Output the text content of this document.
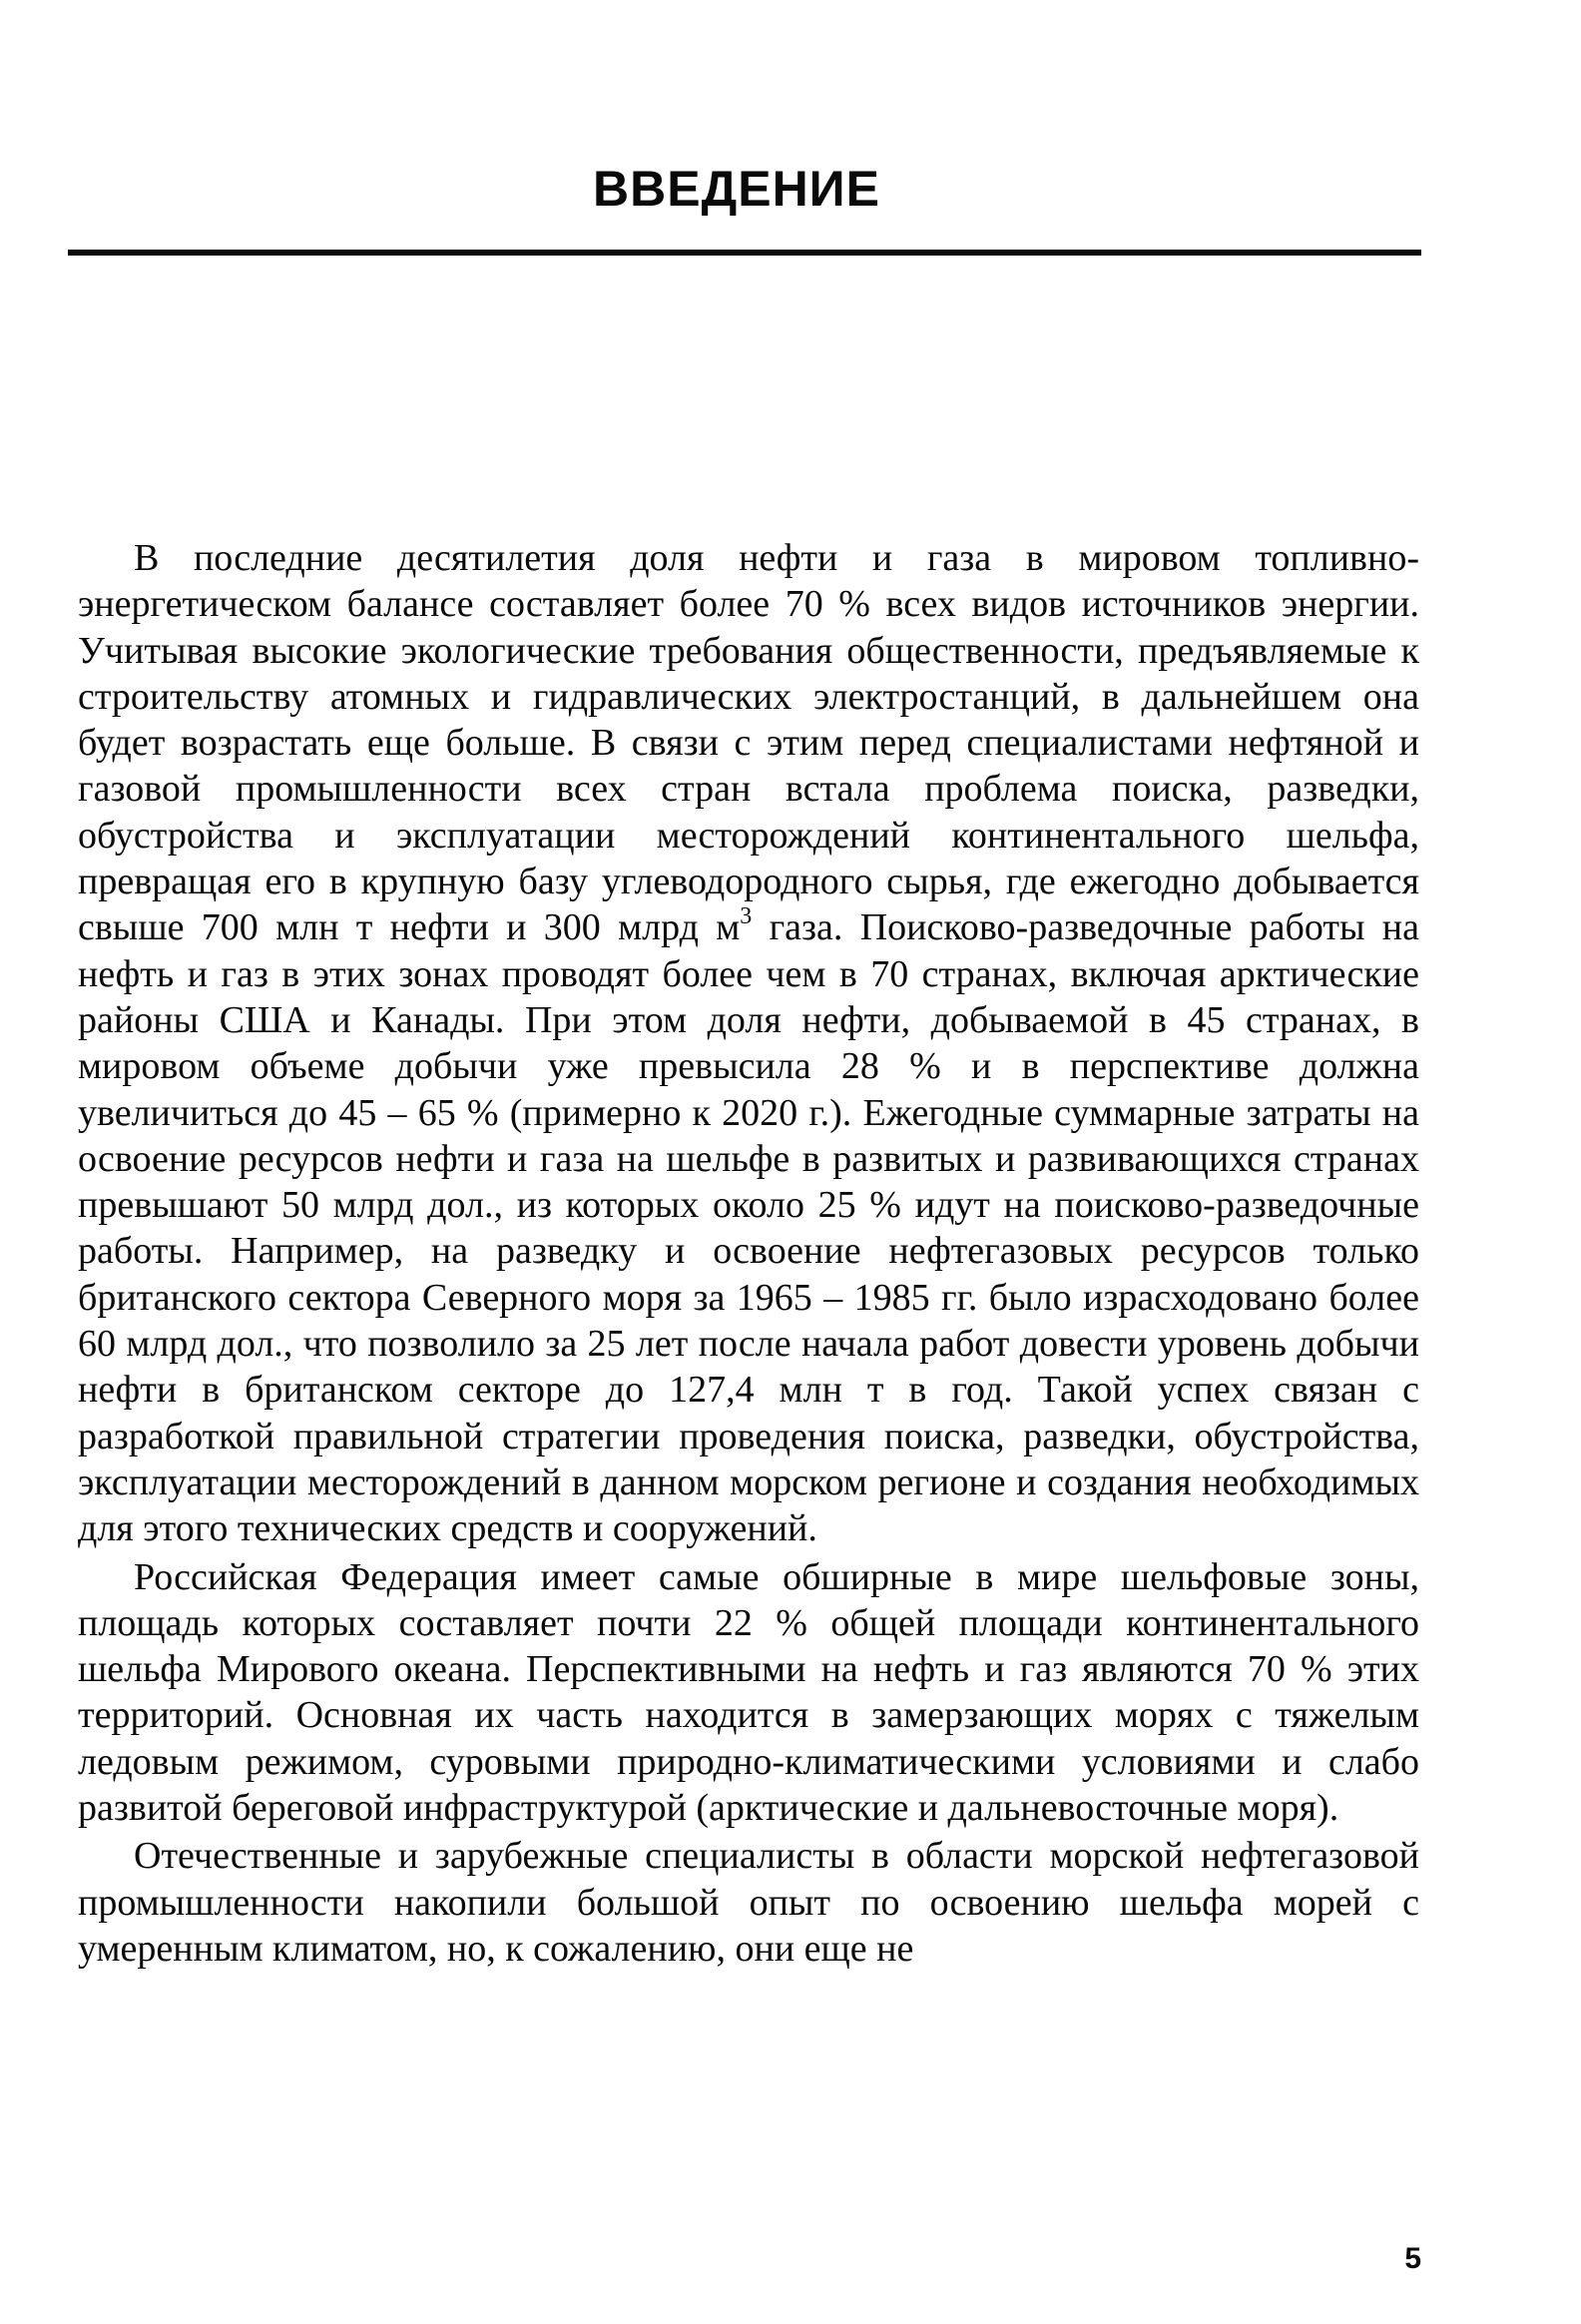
ВВЕДЕНИЕ

В последние десятилетия доля нефти и газа в мировом топливно-энергетическом балансе составляет более 70 % всех видов источников энергии. Учитывая высокие экологические требования общественности, предъявляемые к строительству атомных и гидравлических электростанций, в дальнейшем она будет возрастать еще больше. В связи с этим перед специалистами нефтяной и газовой промышленности всех стран встала проблема поиска, разведки, обустройства и эксплуатации месторождений континентального шельфа, превращая его в крупную базу углеводородного сырья, где ежегодно добывается свыше 700 млн т нефти и 300 млрд $м^3$ газа. Поисково-разведочные работы на нефть и газ в этих зонах проводят более чем в 70 странах, включая арктические районы США и Канады. При этом доля нефти, добываемой в 45 странах, в мировом объеме добычи уже превысила 28 % и в перспективе должна увеличиться до 45 – 65 % (примерно к 2020 г.). Ежегодные суммарные затраты на освоение ресурсов нефти и газа на шельфе в развитых и развивающихся странах превышают 50 млрд дол., из которых около 25 % идут на поисково-разведочные работы. Например, на разведку и освоение нефтегазовых ресурсов только британского сектора Северного моря за 1965 – 1985 гг. было израсходовано более 60 млрд дол., что позволило за 25 лет после начала работ довести уровень добычи нефти в британском секторе до 127,4 млн т в год. Такой успех связан с разработкой правильной стратегии проведения поиска, разведки, обустройства, эксплуатации месторождений в данном морском регионе и создания необходимых для этого технических средств и сооружений.

Российская Федерация имеет самые обширные в мире шельфовые зоны, площадь которых составляет почти 22 % общей площади континентального шельфа Мирового океана. Перспективными на нефть и газ являются 70 % этих территорий. Основная их часть находится в замерзающих морях с тяжелым ледовым режимом, суровыми природно-климатическими условиями и слабо развитой береговой инфраструктурой (арктические и дальневосточные моря).

Отечественные и зарубежные специалисты в области морской нефтегазовой промышленности накопили большой опыт по освоению шельфа морей с умеренным климатом, но, к сожалению, они еще не

5
